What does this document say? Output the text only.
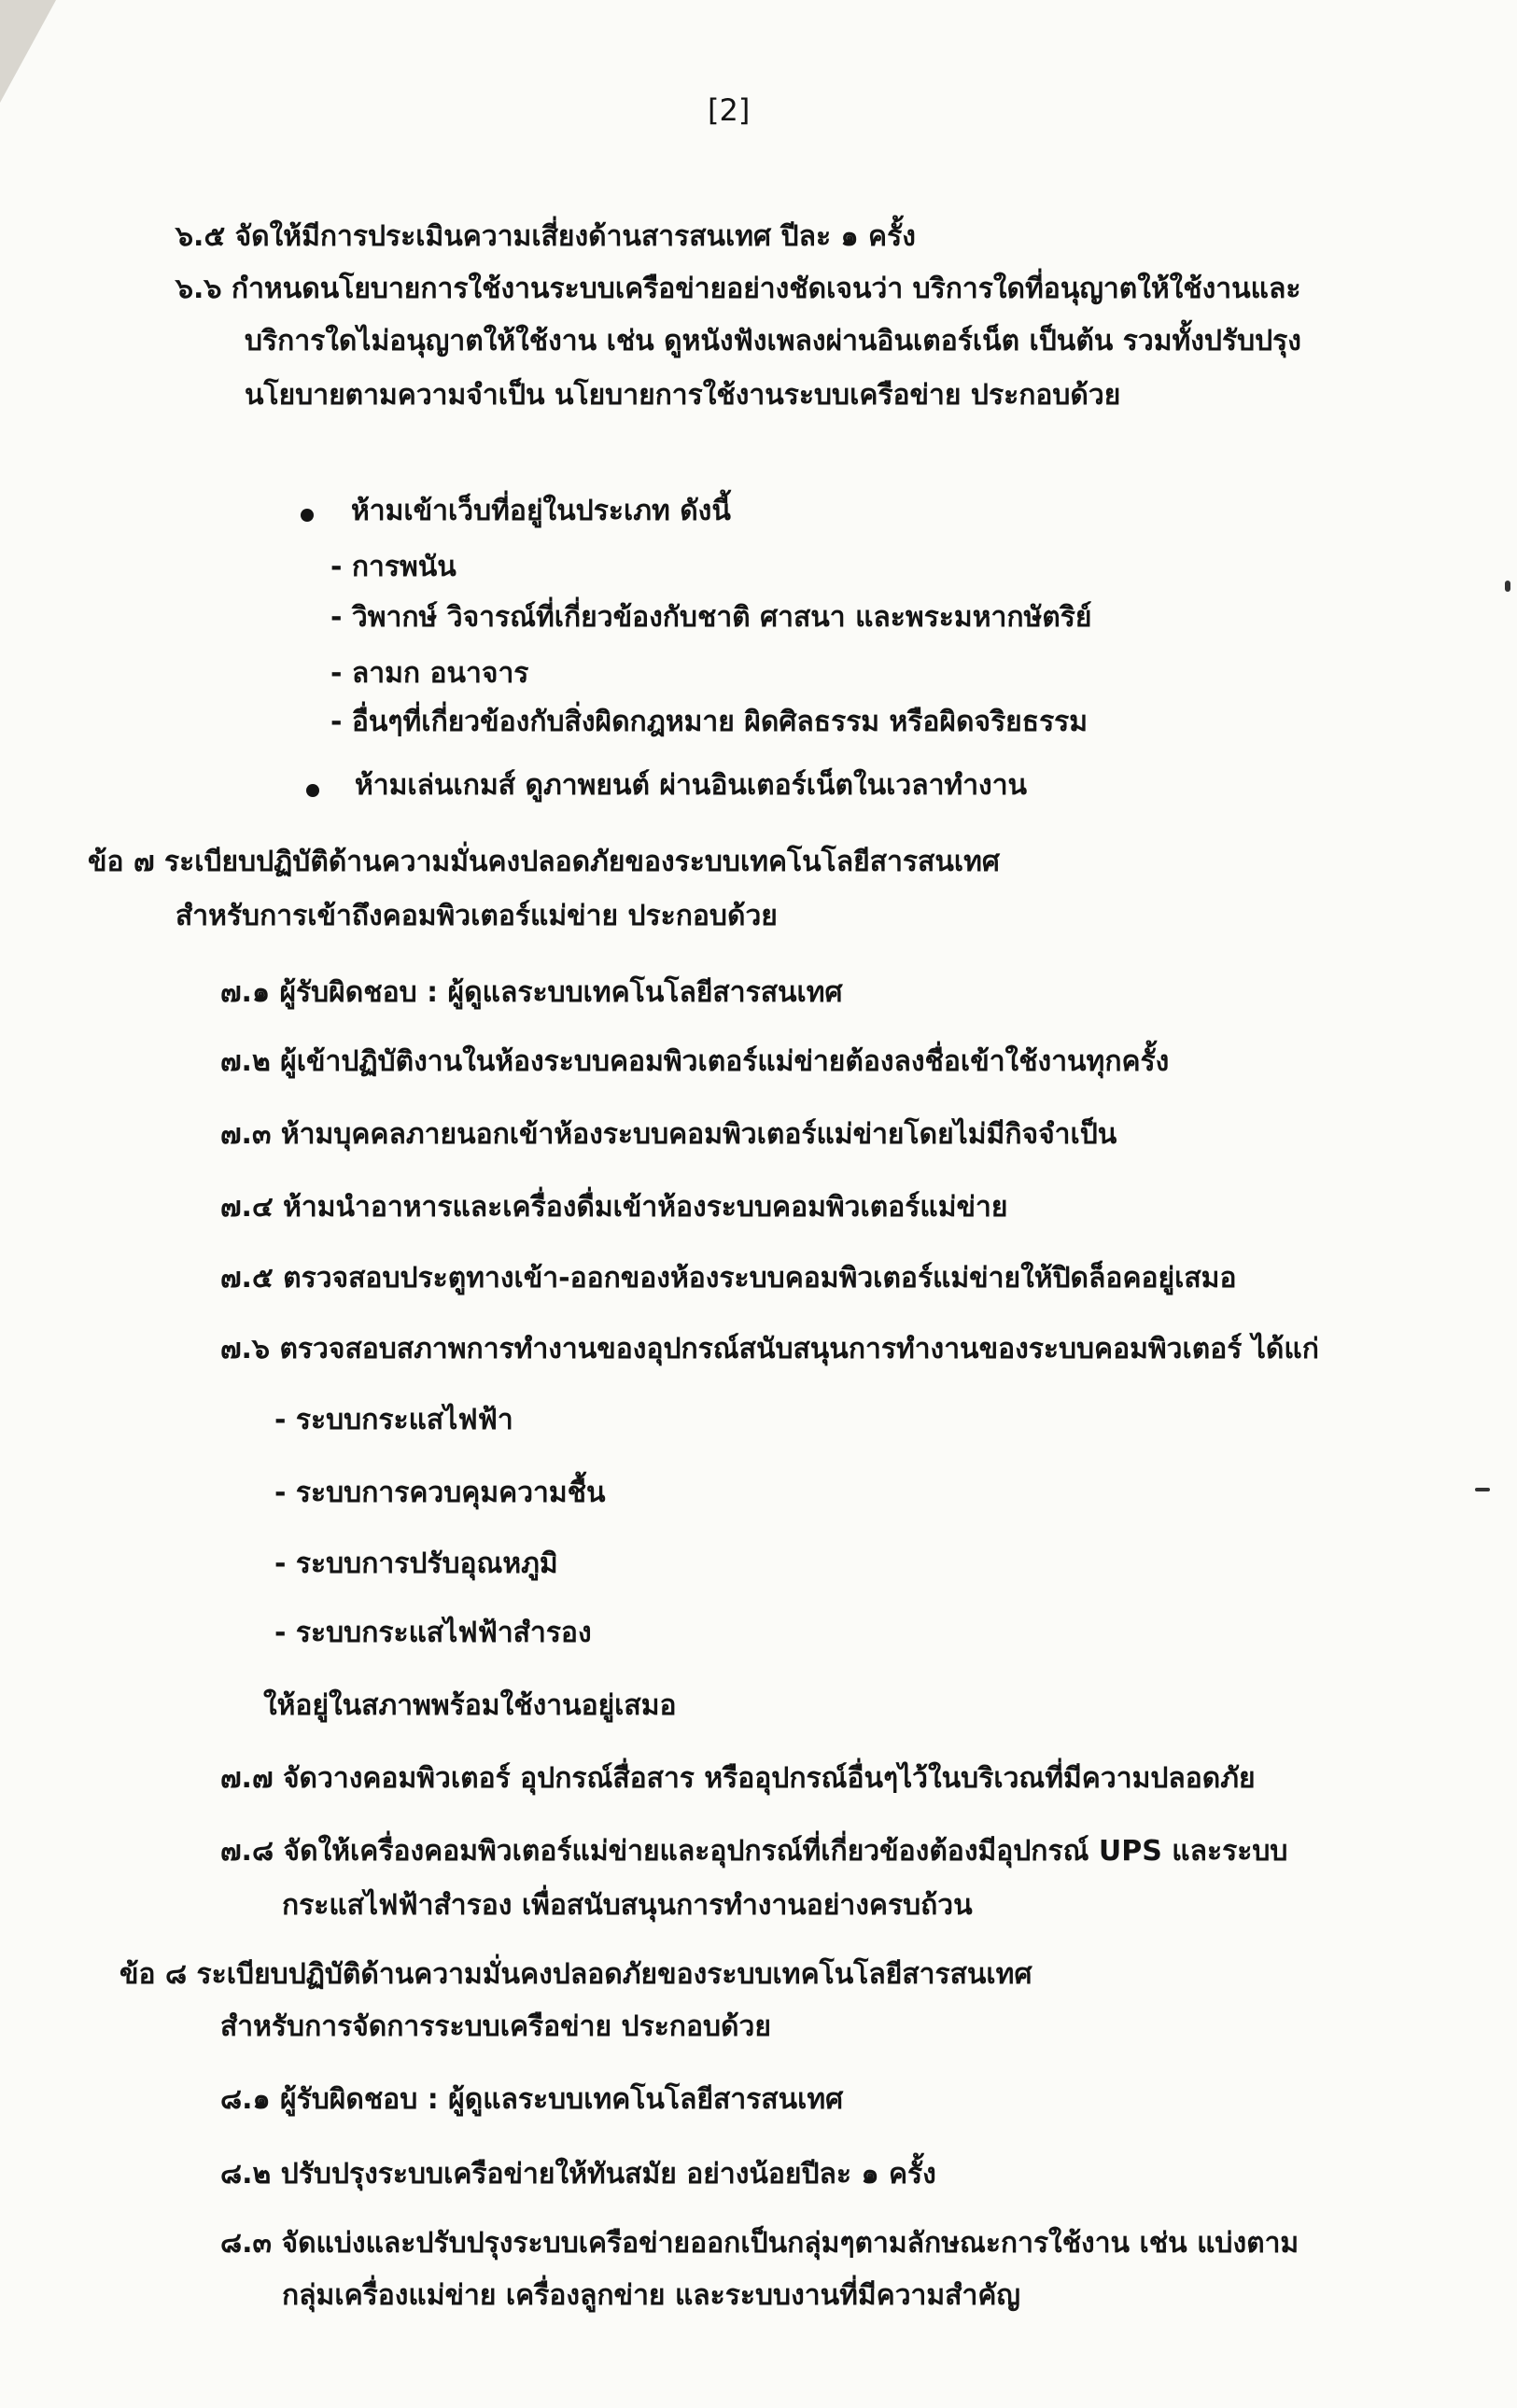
[2]
๖.๕ จัดให้มีการประเมินความเสี่ยงด้านสารสนเทศ ปีละ ๑ ครั้ง
๖.๖ กำหนดนโยบายการใช้งานระบบเครือข่ายอย่างชัดเจนว่า บริการใดที่อนุญาตให้ใช้งานและ
บริการใดไม่อนุญาตให้ใช้งาน เช่น ดูหนังฟังเพลงผ่านอินเตอร์เน็ต เป็นต้น รวมทั้งปรับปรุง
นโยบายตามความจำเป็น นโยบายการใช้งานระบบเครือข่าย ประกอบด้วย
ห้ามเข้าเว็บที่อยู่ในประเภท ดังนี้
- การพนัน
- วิพากษ์ วิจารณ์ที่เกี่ยวข้องกับชาติ ศาสนา และพระมหากษัตริย์
- ลามก อนาจาร
- อื่นๆที่เกี่ยวข้องกับสิ่งผิดกฎหมาย ผิดศิลธรรม หรือผิดจริยธรรม
ห้ามเล่นเกมส์ ดูภาพยนต์ ผ่านอินเตอร์เน็ตในเวลาทำงาน
ข้อ ๗ ระเบียบปฏิบัติด้านความมั่นคงปลอดภัยของระบบเทคโนโลยีสารสนเทศ
สำหรับการเข้าถึงคอมพิวเตอร์แม่ข่าย ประกอบด้วย
๗.๑ ผู้รับผิดชอบ : ผู้ดูแลระบบเทคโนโลยีสารสนเทศ
๗.๒ ผู้เข้าปฏิบัติงานในห้องระบบคอมพิวเตอร์แม่ข่ายต้องลงชื่อเข้าใช้งานทุกครั้ง
๗.๓ ห้ามบุคคลภายนอกเข้าห้องระบบคอมพิวเตอร์แม่ข่ายโดยไม่มีกิจจำเป็น
๗.๔ ห้ามนำอาหารและเครื่องดื่มเข้าห้องระบบคอมพิวเตอร์แม่ข่าย
๗.๕ ตรวจสอบประตูทางเข้า-ออกของห้องระบบคอมพิวเตอร์แม่ข่ายให้ปิดล็อคอยู่เสมอ
๗.๖ ตรวจสอบสภาพการทำงานของอุปกรณ์สนับสนุนการทำงานของระบบคอมพิวเตอร์ ได้แก่
- ระบบกระแสไฟฟ้า
- ระบบการควบคุมความชื้น
- ระบบการปรับอุณหภูมิ
- ระบบกระแสไฟฟ้าสำรอง
ให้อยู่ในสภาพพร้อมใช้งานอยู่เสมอ
๗.๗ จัดวางคอมพิวเตอร์ อุปกรณ์สื่อสาร หรืออุปกรณ์อื่นๆไว้ในบริเวณที่มีความปลอดภัย
๗.๘ จัดให้เครื่องคอมพิวเตอร์แม่ข่ายและอุปกรณ์ที่เกี่ยวข้องต้องมีอุปกรณ์ UPS และระบบ
กระแสไฟฟ้าสำรอง เพื่อสนับสนุนการทำงานอย่างครบถ้วน
ข้อ ๘ ระเบียบปฏิบัติด้านความมั่นคงปลอดภัยของระบบเทคโนโลยีสารสนเทศ
สำหรับการจัดการระบบเครือข่าย ประกอบด้วย
๘.๑ ผู้รับผิดชอบ : ผู้ดูแลระบบเทคโนโลยีสารสนเทศ
๘.๒ ปรับปรุงระบบเครือข่ายให้ทันสมัย อย่างน้อยปีละ ๑ ครั้ง
๘.๓ จัดแบ่งและปรับปรุงระบบเครือข่ายออกเป็นกลุ่มๆตามลักษณะการใช้งาน เช่น แบ่งตาม
กลุ่มเครื่องแม่ข่าย เครื่องลูกข่าย และระบบงานที่มีความสำคัญ
